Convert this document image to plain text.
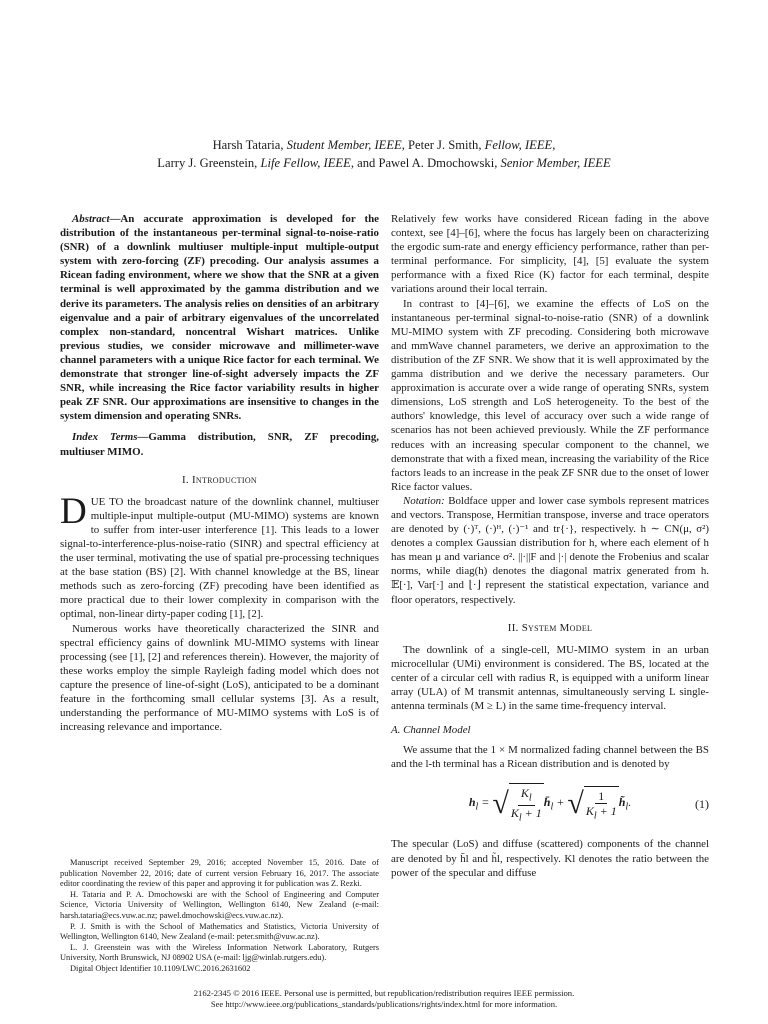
Harsh Tataria, Student Member, IEEE, Peter J. Smith, Fellow, IEEE,
Larry J. Greenstein, Life Fellow, IEEE, and Pawel A. Dmochowski, Senior Member, IEEE

Abstract—An accurate approximation is developed for the distribution of the instantaneous per-terminal signal-to-noise-ratio (SNR) of a downlink multiuser multiple-input multiple-output system with zero-forcing (ZF) precoding. Our analysis assumes a Ricean fading environment, where we show that the SNR at a given terminal is well approximated by the gamma distribution and we derive its parameters. The analysis relies on densities of an arbitrary eigenvalue and a pair of arbitrary eigenvalues of the uncorrelated complex non-standard, noncentral Wishart matrices. Unlike previous studies, we consider microwave and millimeter-wave channel parameters with a unique Rice factor for each terminal. We demonstrate that stronger line-of-sight adversely impacts the ZF SNR, while increasing the Rice factor variability results in higher peak ZF SNR. Our approximations are insensitive to changes in the system dimension and operating SNRs.

Index Terms—Gamma distribution, SNR, ZF precoding, multiuser MIMO.

I. Introduction

DUE TO the broadcast nature of the downlink channel, multiuser multiple-input multiple-output (MU-MIMO) systems are known to suffer from inter-user interference [1]. This leads to a lower signal-to-interference-plus-noise-ratio (SINR) and spectral efficiency at the user terminal, motivating the use of spatial pre-processing techniques at the base station (BS) [2]. With channel knowledge at the BS, linear methods such as zero-forcing (ZF) precoding have been identified as more practical due to their lower complexity in comparison with the optimal, non-linear dirty-paper coding [1], [2].

Numerous works have theoretically characterized the SINR and spectral efficiency gains of downlink MU-MIMO systems with linear processing (see [1], [2] and references therein). However, the majority of these works employ the simple Rayleigh fading model which does not capture the presence of line-of-sight (LoS), anticipated to be a dominant feature in the forthcoming small cellular systems [3]. As a result, understanding the performance of MU-MIMO systems with LoS is of increasing relevance and importance.

Manuscript received September 29, 2016; accepted November 15, 2016. Date of publication November 22, 2016; date of current version February 16, 2017. The associate editor coordinating the review of this paper and approving it for publication was Z. Rezki.

H. Tataria and P. A. Dmochowski are with the School of Engineering and Computer Science, Victoria University of Wellington, Wellington 6140, New Zealand (e-mail: harsh.tataria@ecs.vuw.ac.nz; pawel.dmochowski@ecs.vuw.ac.nz).

P. J. Smith is with the School of Mathematics and Statistics, Victoria University of Wellington, Wellington 6140, New Zealand (e-mail: peter.smith@vuw.ac.nz).

L. J. Greenstein was with the Wireless Information Network Laboratory, Rutgers University, North Brunswick, NJ 08902 USA (e-mail: ljg@winlab.rutgers.edu).

Digital Object Identifier 10.1109/LWC.2016.2631602

Relatively few works have considered Ricean fading in the above context, see [4]–[6], where the focus has largely been on characterizing the ergodic sum-rate and energy efficiency performance, rather than per-terminal performance. For simplicity, [4], [5] evaluate the system performance with a fixed Rice (K) factor for each terminal, despite variations around their local terrain.

In contrast to [4]–[6], we examine the effects of LoS on the instantaneous per-terminal signal-to-noise-ratio (SNR) of a downlink MU-MIMO system with ZF precoding. Considering both microwave and mmWave channel parameters, we derive an approximation to the distribution of the ZF SNR. We show that it is well approximated by the gamma distribution and we derive the necessary parameters. Our approximation is accurate over a wide range of operating SNRs, system dimensions, LoS strength and LoS heterogeneity. To the best of the authors' knowledge, this level of accuracy over such a wide range of scenarios has not been achieved previously. While the ZF performance reduces with an increasing specular component to the channel, we demonstrate that with a fixed mean, increasing the variability of the Rice factors leads to an increase in the peak ZF SNR due to the onset of lower Rice factor values.

Notation: Boldface upper and lower case symbols represent matrices and vectors. Transpose, Hermitian transpose, inverse and trace operators are denoted by (·)ᵀ, (·)ᴴ, (·)⁻¹ and tr{·}, respectively. h ∼ CN(μ, σ²) denotes a complex Gaussian distribution for h, where each element of h has mean μ and variance σ². ||·||F and |·| denote the Frobenius and scalar norms, while diag(h) denotes the diagonal matrix generated from h. 𝔼[·], Var[·] and ⌊·⌋ represent the statistical expectation, variance and floor operators, respectively.

II. System Model

The downlink of a single-cell, MU-MIMO system in an urban microcellular (UMi) environment is considered. The BS, located at the center of a circular cell with radius R, is equipped with a uniform linear array (ULA) of M transmit antennas, simultaneously serving L single-antenna terminals (M ≥ L) in the same time-frequency interval.

A. Channel Model

We assume that the 1 × M normalized fading channel between the BS and the l-th terminal has a Ricean distribution and is denoted by

$h_l$ = √ $\frac{K_l}{K_l + 1}$ $h̄_l$ + √ $\frac{1}{K_l + 1}$ $h̃_l$.	(1)

The specular (LoS) and diffuse (scattered) components of the channel are denoted by h̄l and h̃l, respectively. Kl denotes the ratio between the power of the specular and diffuse

2162-2345 © 2016 IEEE. Personal use is permitted, but republication/redistribution requires IEEE permission.
See http://www.ieee.org/publications_standards/publications/rights/index.html for more information.
